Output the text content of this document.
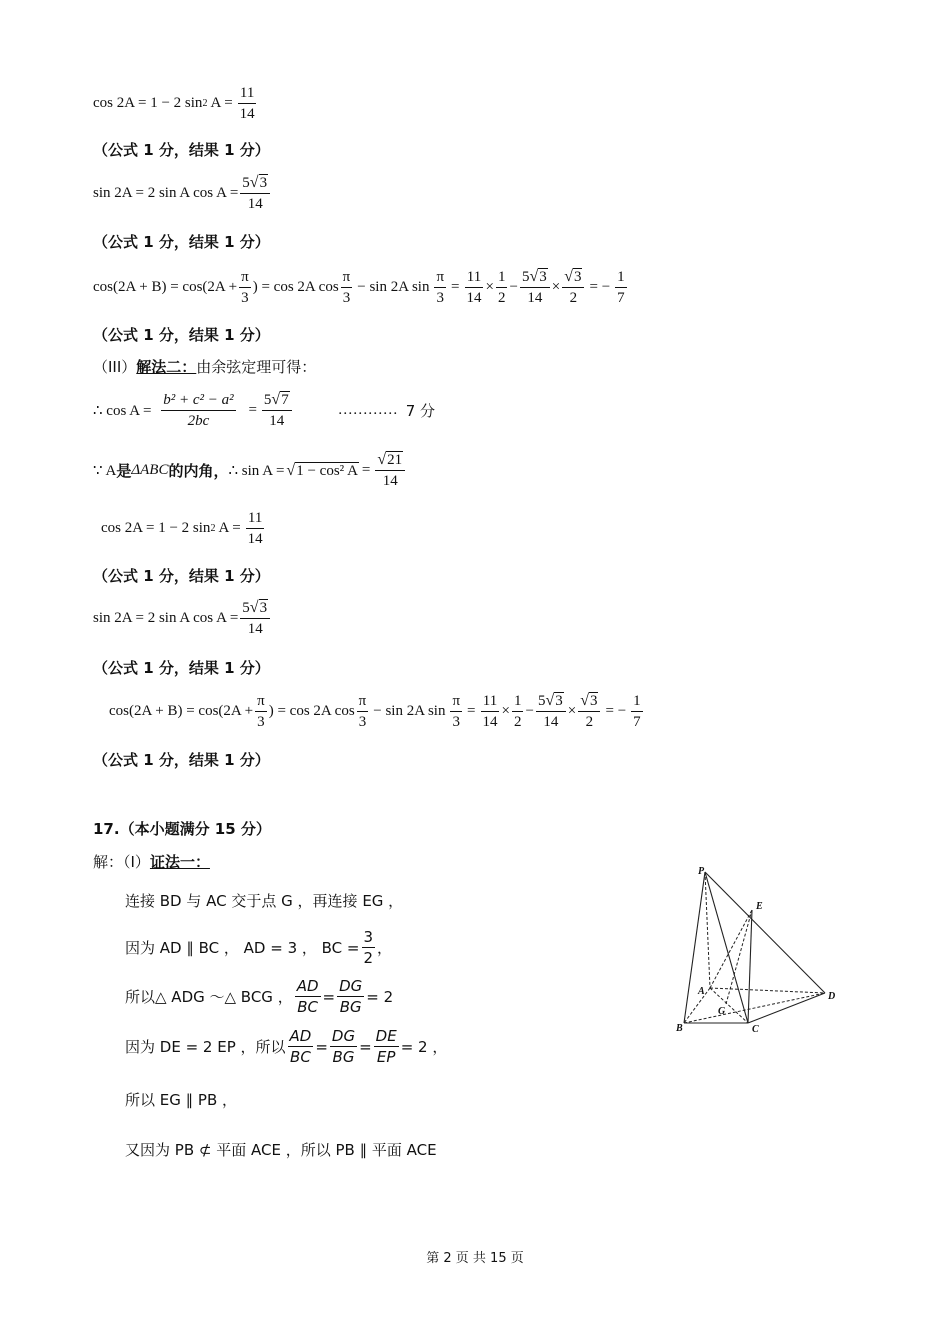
cos 2A = 1 − 2 sin 2 $A = \frac{11}{14}$
（公式 1 分，结果 1 分）
sin 2A = 2 sin A $\cos A = \frac{5 √ 3}{14}$
（公式 1 分，结果 1 分）
$\cos(2A + B) = \cos(2A + \frac{\pi}{3}$ ) = cos 2A $\cos \frac{\pi}{3} - \sin 2A$ $\sin \frac{\pi}{3} = \frac{11}{14} \times \frac{1}{2} - \frac{5 √ 3}{14} \times \frac{√ 3}{2}$ = − $\frac{1}{7}$
（公式 1 分，结果 1 分）
（III）解法二：由余弦定理可得：
∴ $\cos A = \frac{\text{b² + c² − a²}}{2bc} = \frac{5 √ 7}{14}$	………… 7 分
∵ A 是 ΔABC 的内角， ∴ sin A = √ 1 − cos² $A = \frac{√ 21}{14}$
cos 2A = 1 − 2 sin 2 $A = \frac{11}{14}$
（公式 1 分，结果 1 分）
sin 2A = 2 sin A $\cos A = \frac{5 √ 3}{14}$
（公式 1 分，结果 1 分）
$\cos(2A + B) = \cos(2A + \frac{\pi}{3}$ ) = cos 2A $\cos \frac{\pi}{3} - \sin 2A$ $\sin \frac{\pi}{3} = \frac{11}{14} \times \frac{1}{2} - \frac{5 √ 3}{14} \times \frac{√ 3}{2}$ = − $\frac{1}{7}$
（公式 1 分，结果 1 分）
17.（本小题满分 15 分）
解：（Ⅰ）证法一：
连接 BD 与 AC 交于点 G ，再连接 EG ，
因为 AD ∥ BC ， AD = 3 ， BC = $\frac{3}{2}$ ，
所以△ ADG ～△ BCG ， $\frac{AD}{BC} = \frac{DG}{BG} = 2$
因为 DE = 2 EP ，所以 $\frac{AD}{BC} = \frac{DG}{BG} = \frac{DE}{EP} = 2$ ，
所以 EG ∥ PB ，
又因为 PB ⊄ 平面 ACE ，所以 PB ∥ 平面 ACE
P
E
A	D
G
B	C
第 2 页 共 15 页
